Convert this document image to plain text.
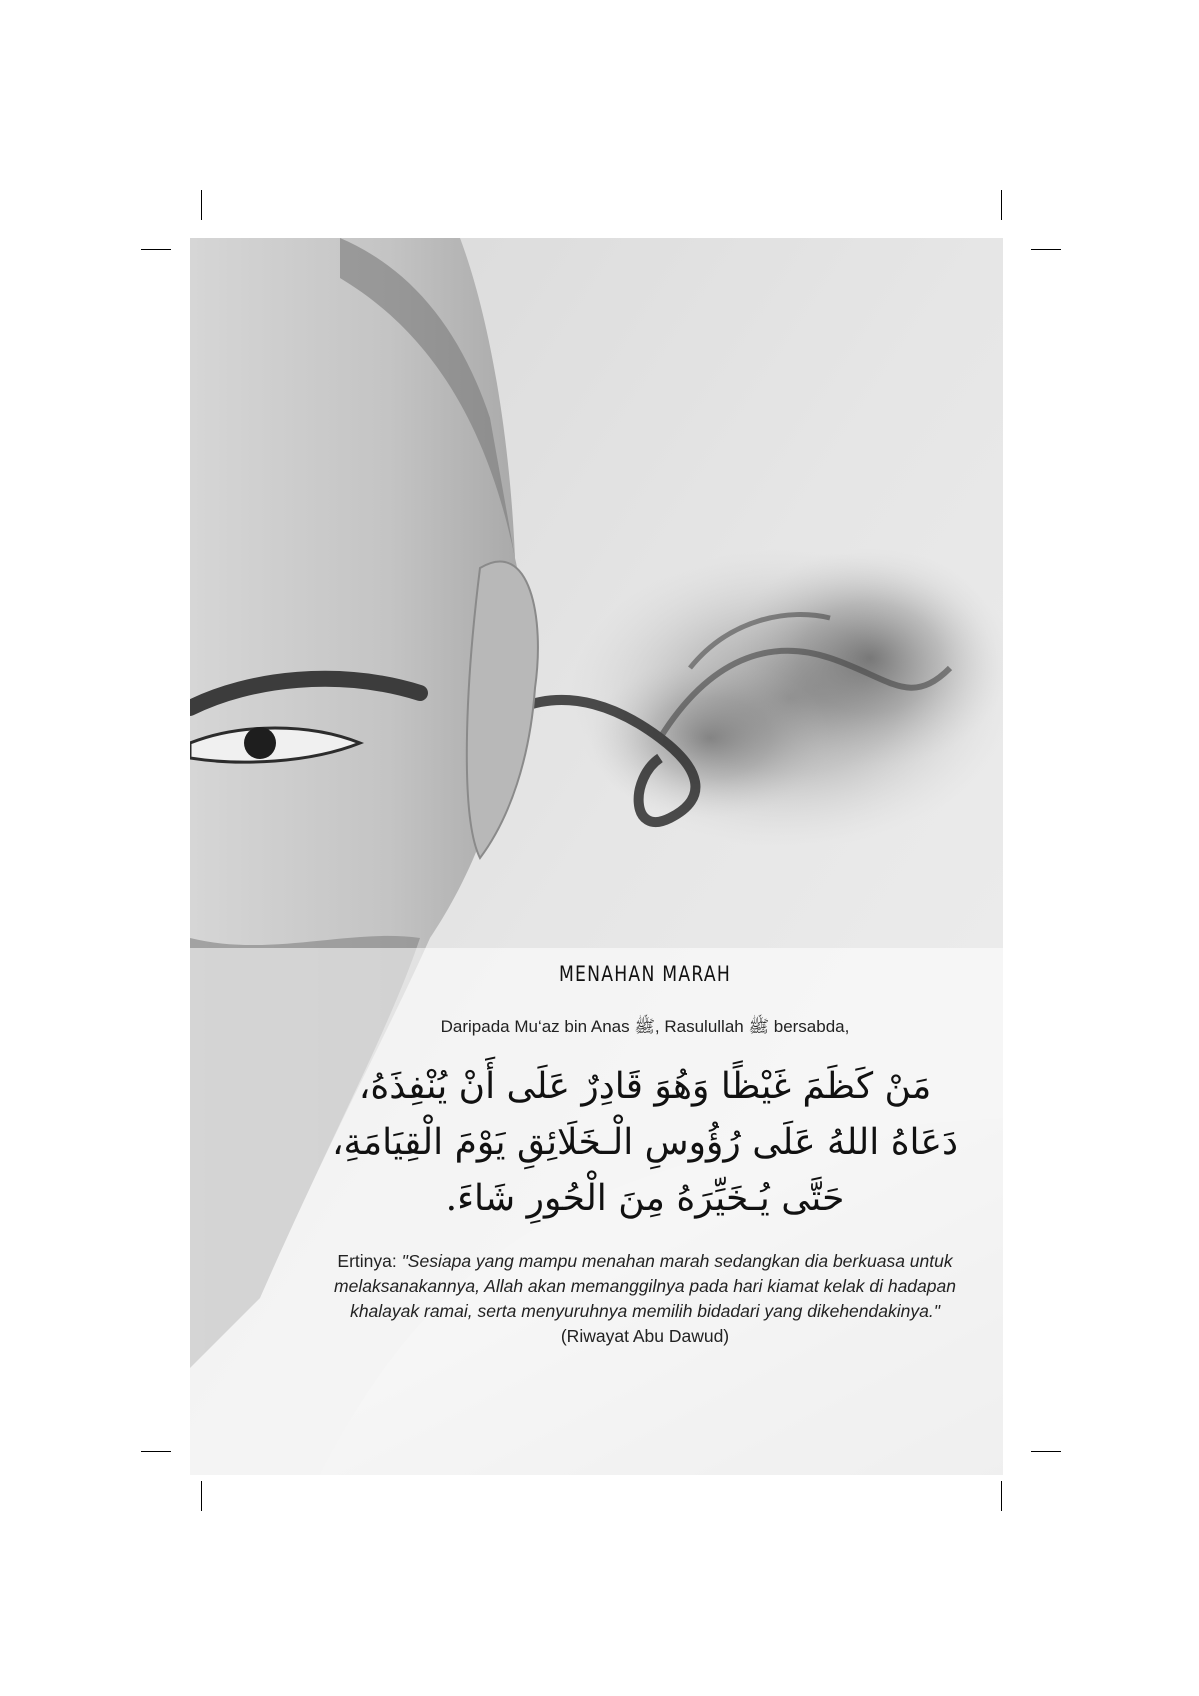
MENAHAN MARAH
Daripada Mu‘az bin Anas ﷺ, Rasulullah ﷺ bersabda,
مَنْ كَظَمَ غَيْظًا وَهُوَ قَادِرٌ عَلَى أَنْ يُنْفِذَهُ، دَعَاهُ اللهُ عَلَى رُؤُوسِ الْـخَلَائِقِ يَوْمَ الْقِيَامَةِ، حَتَّى يُـخَيِّرَهُ مِنَ الْحُورِ شَاءَ.
Ertinya: "Sesiapa yang mampu menahan marah sedangkan dia berkuasa untuk melaksanakannya, Allah akan memanggilnya pada hari kiamat kelak di hadapan khalayak ramai, serta menyuruhnya memilih bidadari yang dikehendakinya."
(Riwayat Abu Dawud)
